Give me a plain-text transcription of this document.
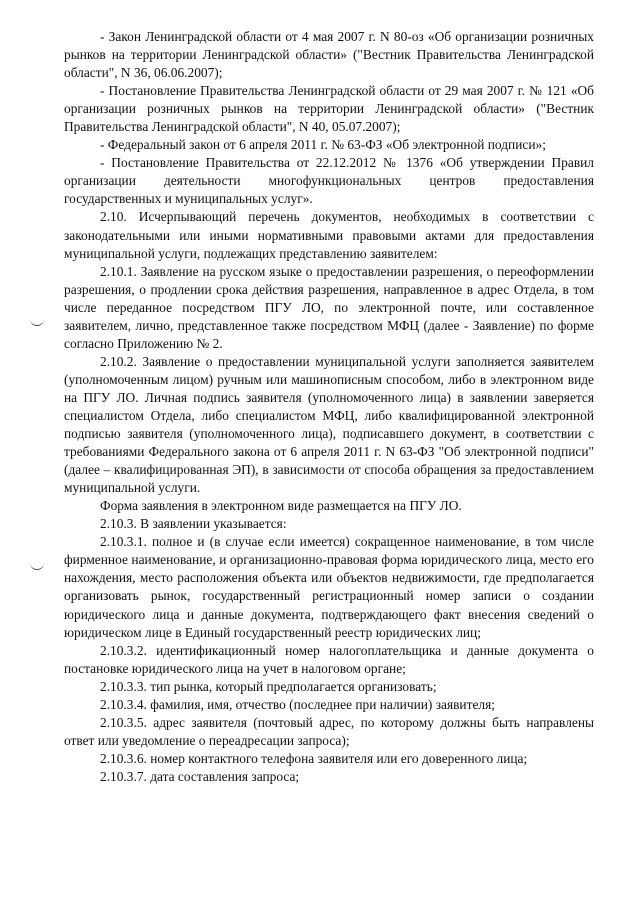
- Закон Ленинградской области от 4 мая 2007 г. N 80-оз «Об организации розничных рынков на территории Ленинградской области» ("Вестник Правительства Ленинградской области", N 36, 06.06.2007);

- Постановление Правительства Ленинградской области от 29 мая 2007 г. № 121 «Об организации розничных рынков на территории Ленинградской области» ("Вестник Правительства Ленинградской области", N 40, 05.07.2007);

- Федеральный закон от 6 апреля 2011 г. № 63-ФЗ «Об электронной подписи»;

- Постановление Правительства от 22.12.2012 № 1376 «Об утверждении Правил организации деятельности многофункциональных центров предоставления государственных и муниципальных услуг».

2.10. Исчерпывающий перечень документов, необходимых в соответствии с законодательными или иными нормативными правовыми актами для предоставления муниципальной услуги, подлежащих представлению заявителем:

2.10.1. Заявление на русском языке о предоставлении разрешения, о переоформлении разрешения, о продлении срока действия разрешения, направленное в адрес Отдела, в том числе переданное посредством ПГУ ЛО, по электронной почте, или составленное заявителем, лично, представленное также посредством МФЦ (далее - Заявление) по форме согласно Приложению № 2.

2.10.2. Заявление о предоставлении муниципальной услуги заполняется заявителем (уполномоченным лицом) ручным или машинописным способом, либо в электронном виде на ПГУ ЛО. Личная подпись заявителя (уполномоченного лица) в заявлении заверяется специалистом Отдела, либо специалистом МФЦ, либо квалифицированной электронной подписью заявителя (уполномоченного лица), подписавшего документ, в соответствии с требованиями Федерального закона от 6 апреля 2011 г. N 63-ФЗ "Об электронной подписи" (далее – квалифицированная ЭП), в зависимости от способа обращения за предоставлением муниципальной услуги.

Форма заявления в электронном виде размещается на ПГУ ЛО.

2.10.3. В заявлении указывается:

2.10.3.1. полное и (в случае если имеется) сокращенное наименование, в том числе фирменное наименование, и организационно-правовая форма юридического лица, место его нахождения, место расположения объекта или объектов недвижимости, где предполагается организовать рынок, государственный регистрационный номер записи о создании юридического лица и данные документа, подтверждающего факт внесения сведений о юридическом лице в Единый государственный реестр юридических лиц;

2.10.3.2. идентификационный номер налогоплательщика и данные документа о постановке юридического лица на учет в налоговом органе;

2.10.3.3. тип рынка, который предполагается организовать;

2.10.3.4. фамилия, имя, отчество (последнее при наличии) заявителя;

2.10.3.5. адрес заявителя (почтовый адрес, по которому должны быть направлены ответ или уведомление о переадресации запроса);

2.10.3.6. номер контактного телефона заявителя или его доверенного лица;

2.10.3.7. дата составления запроса;
